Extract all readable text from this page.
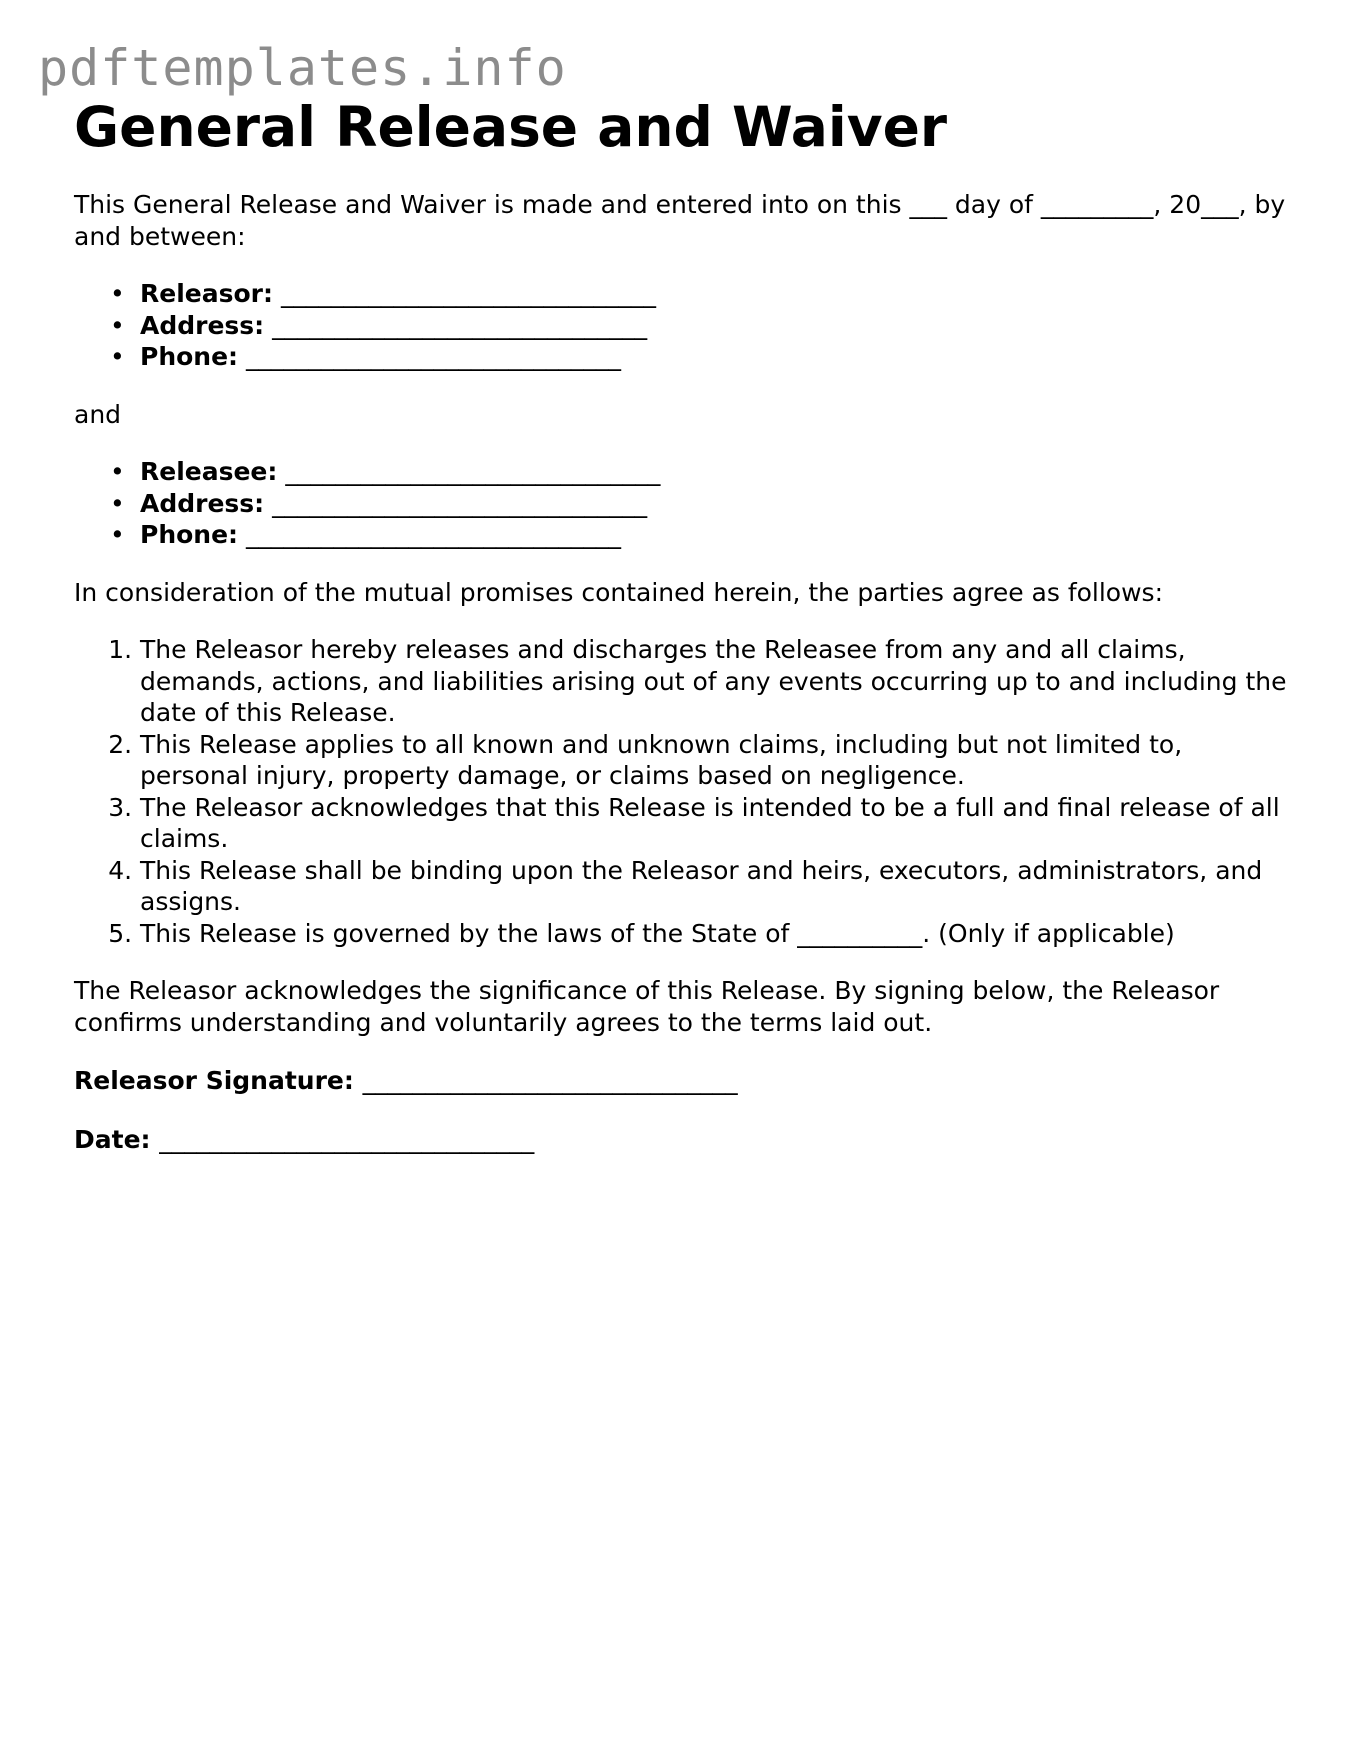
pdftemplates.info
General Release and Waiver

This General Release and Waiver is made and entered into on this ___ day of _________, 20___, by and between:

• Releasor: ______________________________
• Address: ______________________________
• Phone: ______________________________

and

• Releasee: ______________________________
• Address: ______________________________
• Phone: ______________________________

In consideration of the mutual promises contained herein, the parties agree as follows:

1. The Releasor hereby releases and discharges the Releasee from any and all claims, demands, actions, and liabilities arising out of any events occurring up to and including the date of this Release.
2. This Release applies to all known and unknown claims, including but not limited to, personal injury, property damage, or claims based on negligence.
3. The Releasor acknowledges that this Release is intended to be a full and final release of all claims.
4. This Release shall be binding upon the Releasor and heirs, executors, administrators, and assigns.
5. This Release is governed by the laws of the State of __________. (Only if applicable)

The Releasor acknowledges the significance of this Release. By signing below, the Releasor confirms understanding and voluntarily agrees to the terms laid out.

Releasor Signature: ______________________________

Date: ______________________________
